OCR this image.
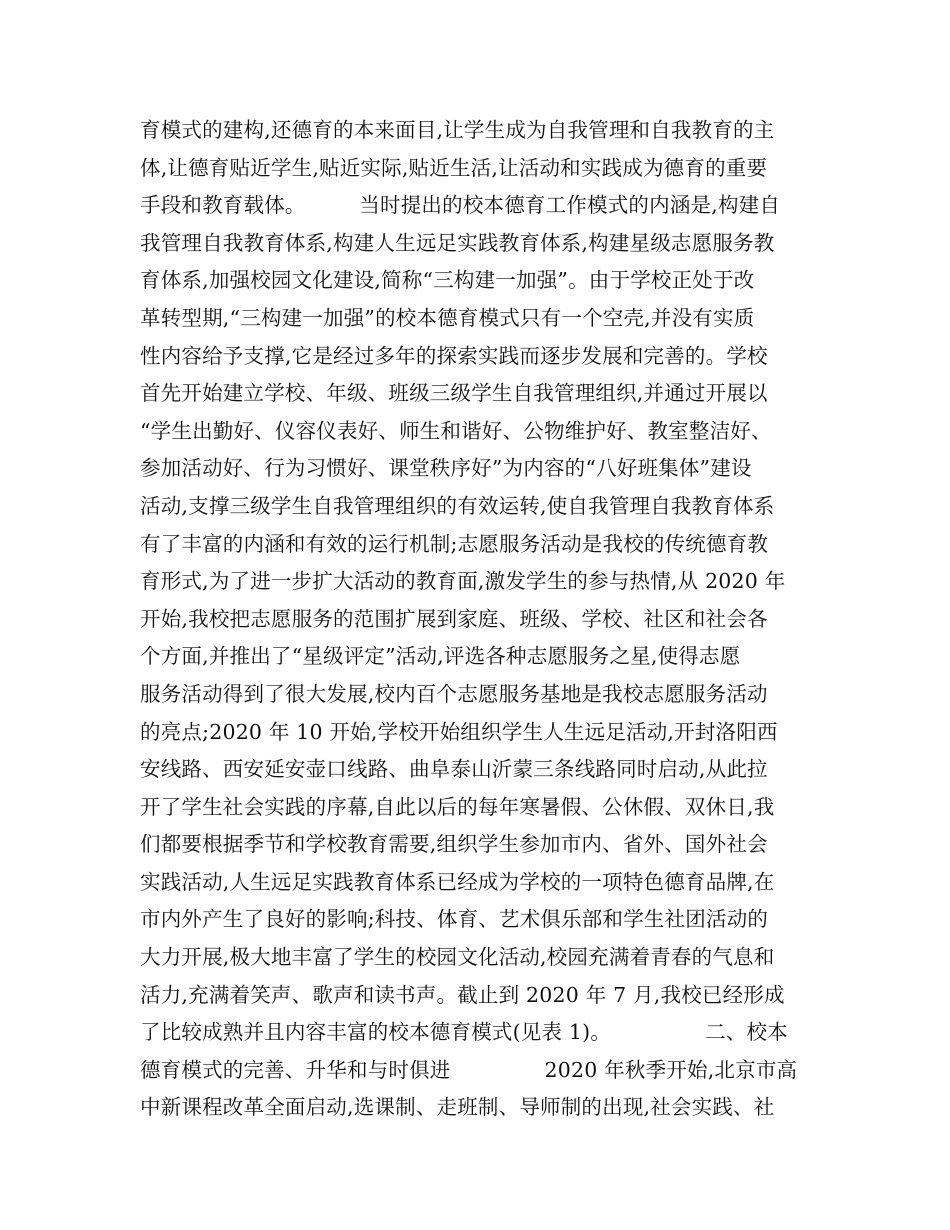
育模式的建构,还德育的本来面目,让学生成为自我管理和自我教育的主
体,让德育贴近学生,贴近实际,贴近生活,让活动和实践成为德育的重要
手段和教育载体。        当时提出的校本德育工作模式的内涵是,构建自
我管理自我教育体系,构建人生远足实践教育体系,构建星级志愿服务教
育体系,加强校园文化建设,简称“三构建一加强”。由于学校正处于改
革转型期,“三构建一加强”的校本德育模式只有一个空壳,并没有实质
性内容给予支撑,它是经过多年的探索实践而逐步发展和完善的。学校
首先开始建立学校、年级、班级三级学生自我管理组织,并通过开展以
“学生出勤好、仪容仪表好、师生和谐好、公物维护好、教室整洁好、
参加活动好、行为习惯好、课堂秩序好”为内容的“八好班集体”建设
活动,支撑三级学生自我管理组织的有效运转,使自我管理自我教育体系
有了丰富的内涵和有效的运行机制;志愿服务活动是我校的传统德育教
育形式,为了进一步扩大活动的教育面,激发学生的参与热情,从 2020 年
开始,我校把志愿服务的范围扩展到家庭、班级、学校、社区和社会各
个方面,并推出了“星级评定”活动,评选各种志愿服务之星,使得志愿
服务活动得到了很大发展,校内百个志愿服务基地是我校志愿服务活动
的亮点;2020 年 10 开始,学校开始组织学生人生远足活动,开封洛阳西
安线路、西安延安壶口线路、曲阜泰山沂蒙三条线路同时启动,从此拉
开了学生社会实践的序幕,自此以后的每年寒暑假、公休假、双休日,我
们都要根据季节和学校教育需要,组织学生参加市内、省外、国外社会
实践活动,人生远足实践教育体系已经成为学校的一项特色德育品牌,在
市内外产生了良好的影响;科技、体育、艺术俱乐部和学生社团活动的
大力开展,极大地丰富了学生的校园文化活动,校园充满着青春的气息和
活力,充满着笑声、歌声和读书声。截止到 2020 年 7 月,我校已经形成
了比较成熟并且内容丰富的校本德育模式(见表 1)。              二、校本
德育模式的完善、升华和与时俱进              2020 年秋季开始,北京市高
中新课程改革全面启动,选课制、走班制、导师制的出现,社会实践、社
